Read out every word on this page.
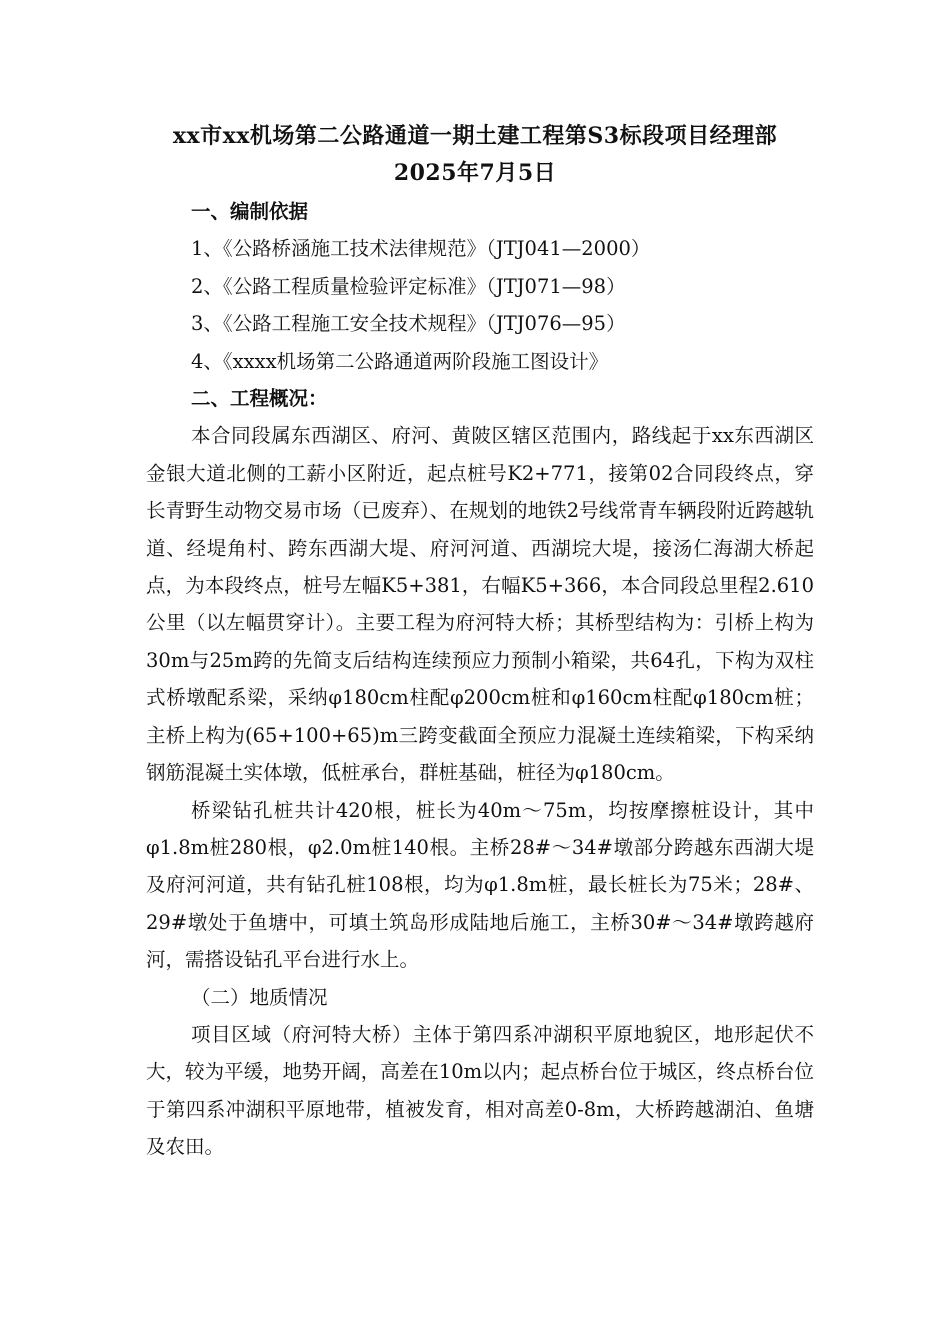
xx市xx机场第二公路通道一期土建工程第S3标段项目经理部
2025年7月5日

一、编制依据

1、《公路桥涵施工技术法律规范》（JTJ041—2000）

2、《公路工程质量检验评定标准》（JTJ071—98）

3、《公路工程施工安全技术规程》（JTJ076—95）

4、《xxxx机场第二公路通道两阶段施工图设计》

二、工程概况：

本合同段属东西湖区、府河、黄陂区辖区范围内，路线起于xx东西湖区金银大道北侧的工薪小区附近，起点桩号K2+771，接第02合同段终点，穿长青野生动物交易市场（已废弃）、在规划的地铁2号线常青车辆段附近跨越轨道、经堤角村、跨东西湖大堤、府河河道、西湖垸大堤，接汤仁海湖大桥起点，为本段终点，桩号左幅K5+381，右幅K5+366，本合同段总里程2.610公里（以左幅贯穿计）。主要工程为府河特大桥；其桥型结构为：引桥上构为30m与25m跨的先简支后结构连续预应力预制小箱梁，共64孔，下构为双柱式桥墩配系梁，采纳φ180cm柱配φ200cm桩和φ160cm柱配φ180cm桩；主桥上构为(65+100+65)m三跨变截面全预应力混凝土连续箱梁，下构采纳钢筋混凝土实体墩，低桩承台，群桩基础，桩径为φ180cm。

桥梁钻孔桩共计420根，桩长为40m～75m，均按摩擦桩设计，其中φ1.8m桩280根，φ2.0m桩140根。主桥28#～34#墩部分跨越东西湖大堤及府河河道，共有钻孔桩108根，均为φ1.8m桩，最长桩长为75米；28#、29#墩处于鱼塘中，可填土筑岛形成陆地后施工，主桥30#～34#墩跨越府河，需搭设钻孔平台进行水上。

（二）地质情况

项目区域（府河特大桥）主体于第四系冲湖积平原地貌区，地形起伏不大，较为平缓，地势开阔，高差在10m以内；起点桥台位于城区，终点桥台位于第四系冲湖积平原地带，植被发育，相对高差0-8m，大桥跨越湖泊、鱼塘及农田。
